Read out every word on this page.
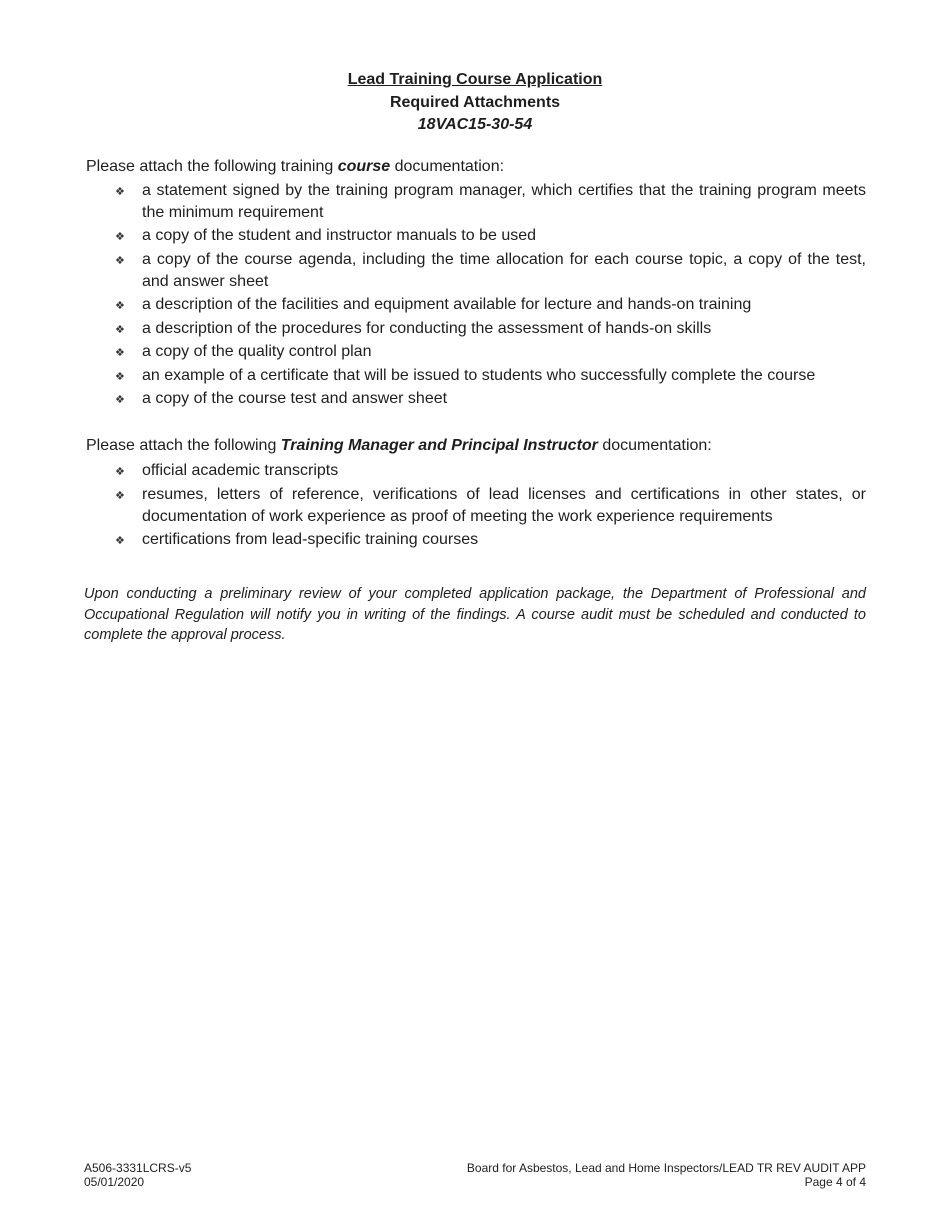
Lead Training Course Application
Required Attachments
18VAC15-30-54

Please attach the following training course documentation:

❖ a statement signed by the training program manager, which certifies that the training program meets the minimum requirement
❖ a copy of the student and instructor manuals to be used
❖ a copy of the course agenda, including the time allocation for each course topic, a copy of the test, and answer sheet
❖ a description of the facilities and equipment available for lecture and hands-on training
❖ a description of the procedures for conducting the assessment of hands-on skills
❖ a copy of the quality control plan
❖ an example of a certificate that will be issued to students who successfully complete the course
❖ a copy of the course test and answer sheet

Please attach the following Training Manager and Principal Instructor documentation:

❖ official academic transcripts
❖ resumes, letters of reference, verifications of lead licenses and certifications in other states, or documentation of work experience as proof of meeting the work experience requirements
❖ certifications from lead-specific training courses

Upon conducting a preliminary review of your completed application package, the Department of Professional and Occupational Regulation will notify you in writing of the findings. A course audit must be scheduled and conducted to complete the approval process.

A506-3331LCRS-v5
05/01/2020
Board for Asbestos, Lead and Home Inspectors/LEAD TR REV AUDIT APP
Page 4 of 4
